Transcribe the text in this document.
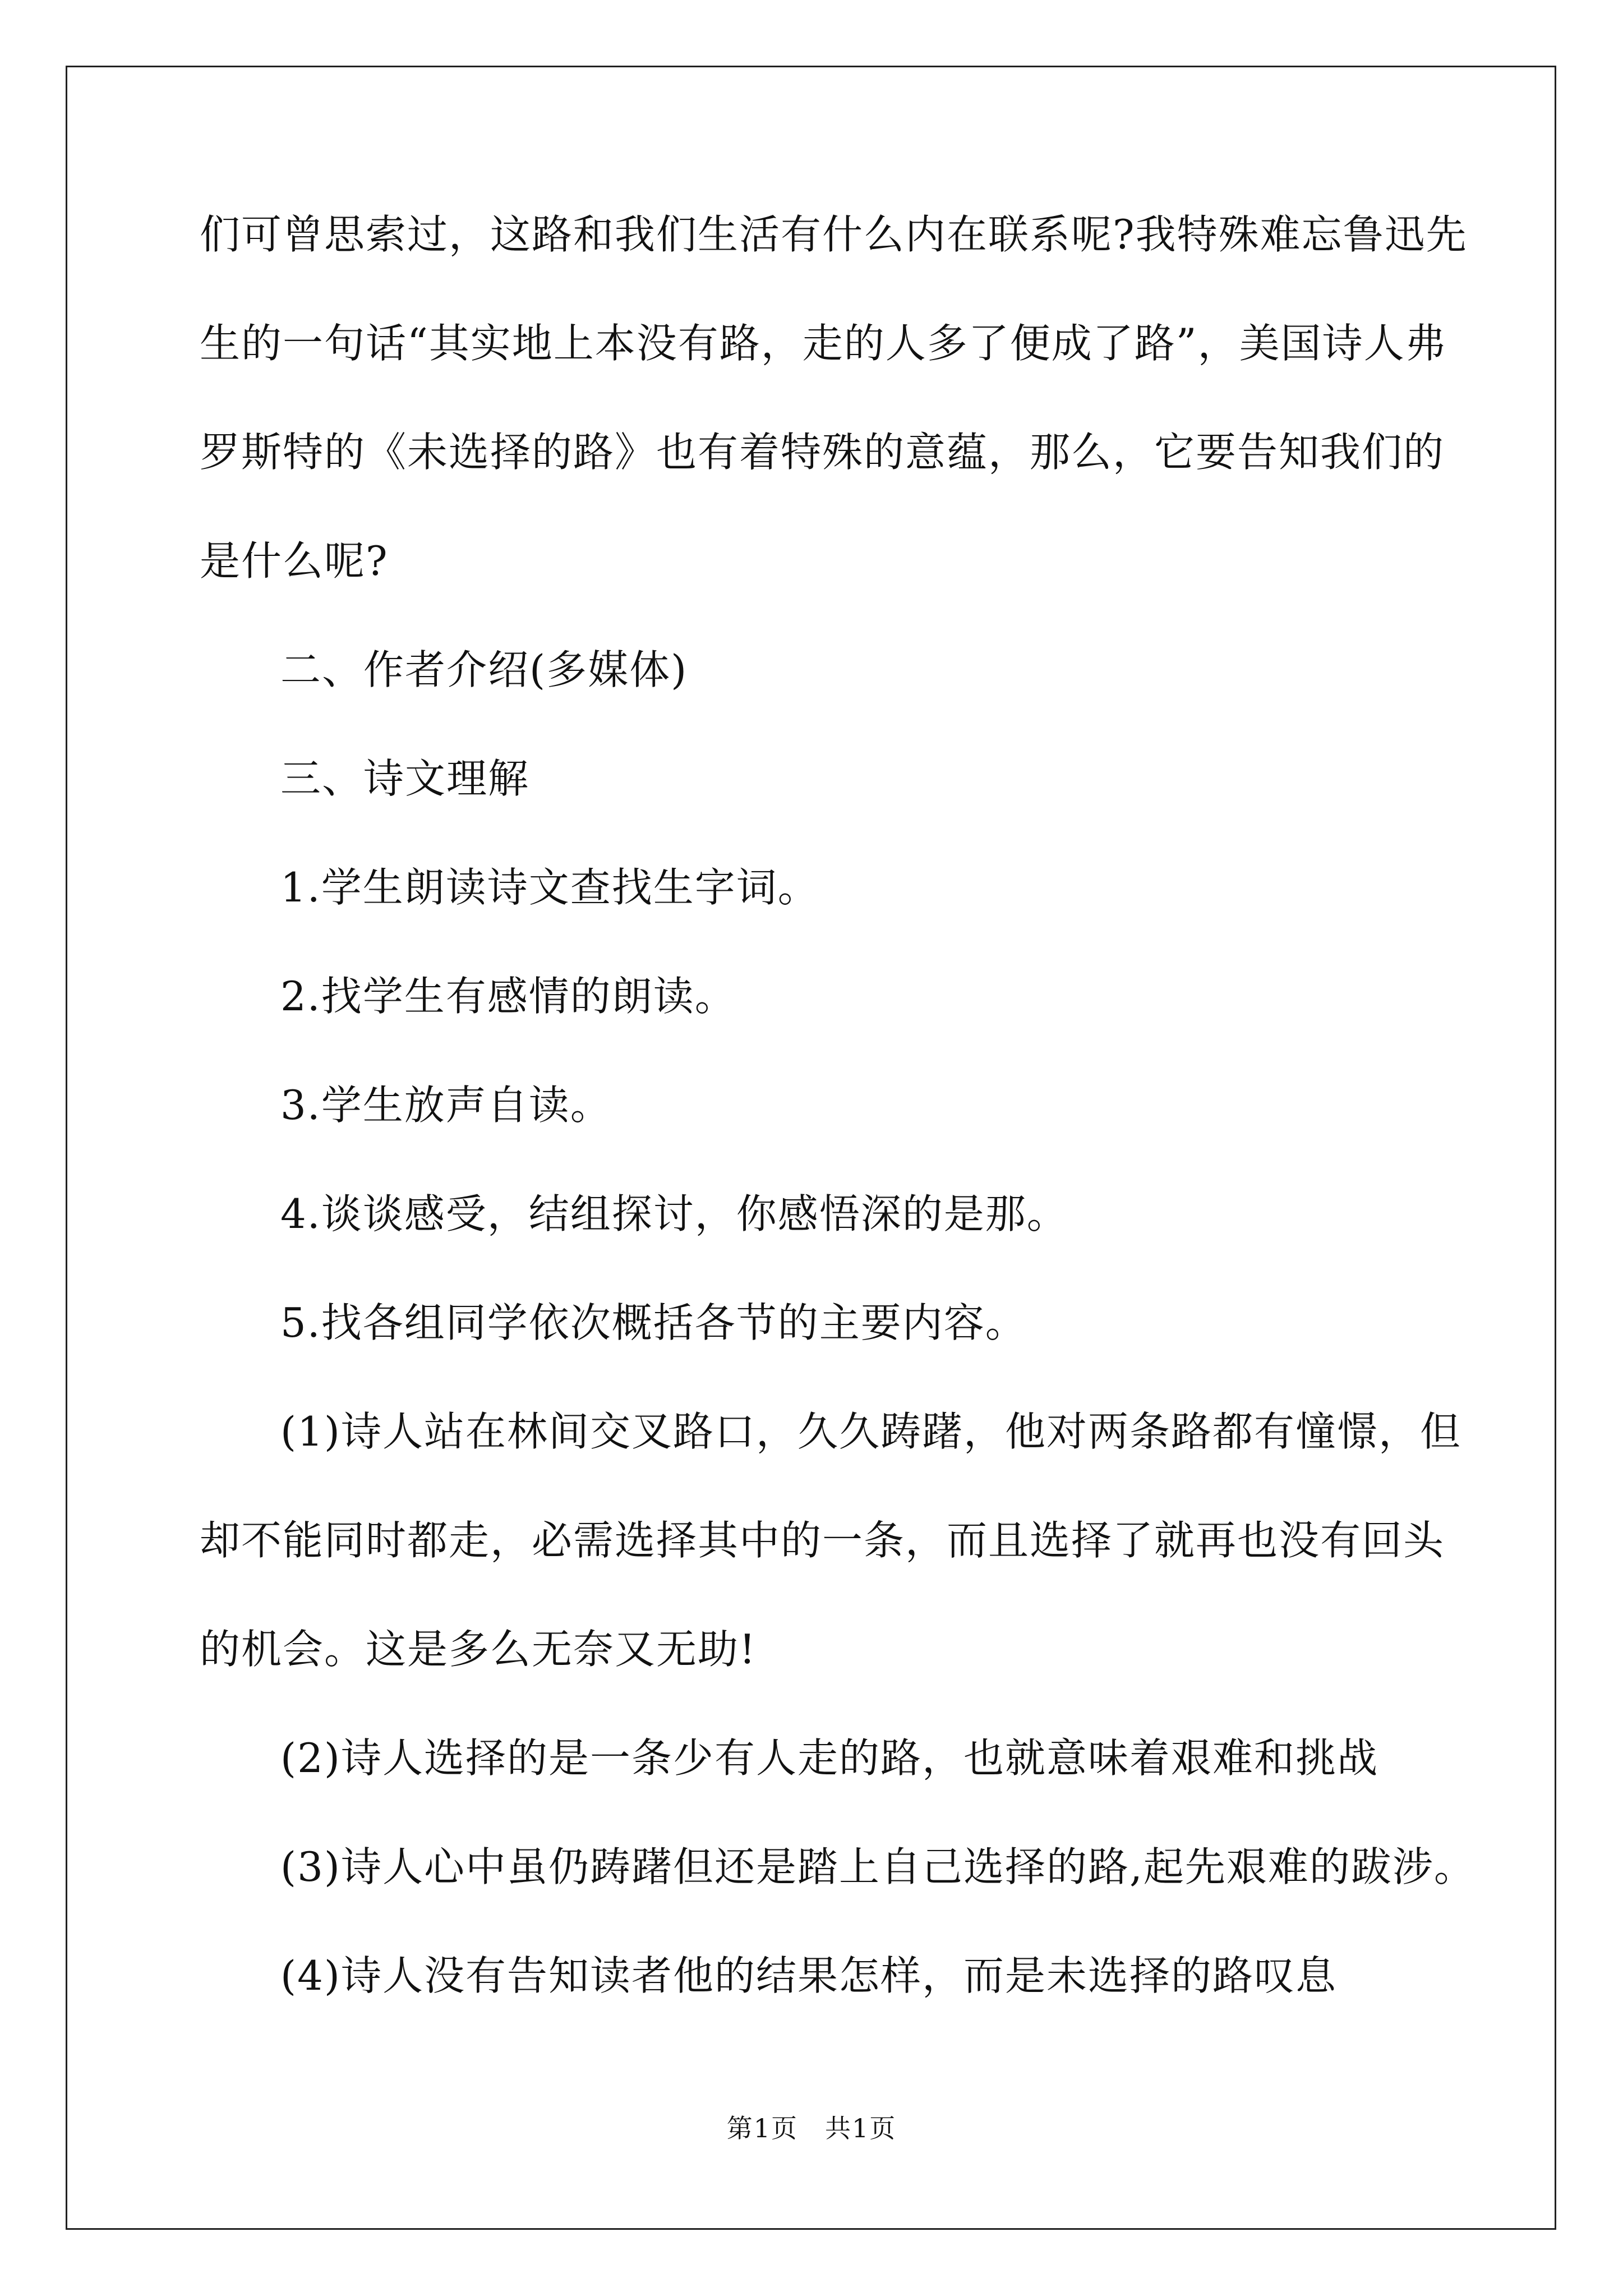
们可曾思索过，这路和我们生活有什么内在联系呢?我特殊难忘鲁迅先
生的一句话“其实地上本没有路，走的人多了便成了路”，美国诗人弗
罗斯特的《未选择的路》也有着特殊的意蕴，那么，它要告知我们的
是什么呢?
二、作者介绍(多媒体)
三、诗文理解
1.学生朗读诗文查找生字词。
2.找学生有感情的朗读。
3.学生放声自读。
4.谈谈感受，结组探讨，你感悟深的是那。
5.找各组同学依次概括各节的主要内容。
(1)诗人站在林间交叉路口，久久踌躇，他对两条路都有憧憬，但
却不能同时都走，必需选择其中的一条，而且选择了就再也没有回头
的机会。这是多么无奈又无助!
(2)诗人选择的是一条少有人走的路，也就意味着艰难和挑战
(3)诗人心中虽仍踌躇但还是踏上自己选择的路,起先艰难的跋涉。
(4)诗人没有告知读者他的结果怎样，而是未选择的路叹息
第1页　共1页
